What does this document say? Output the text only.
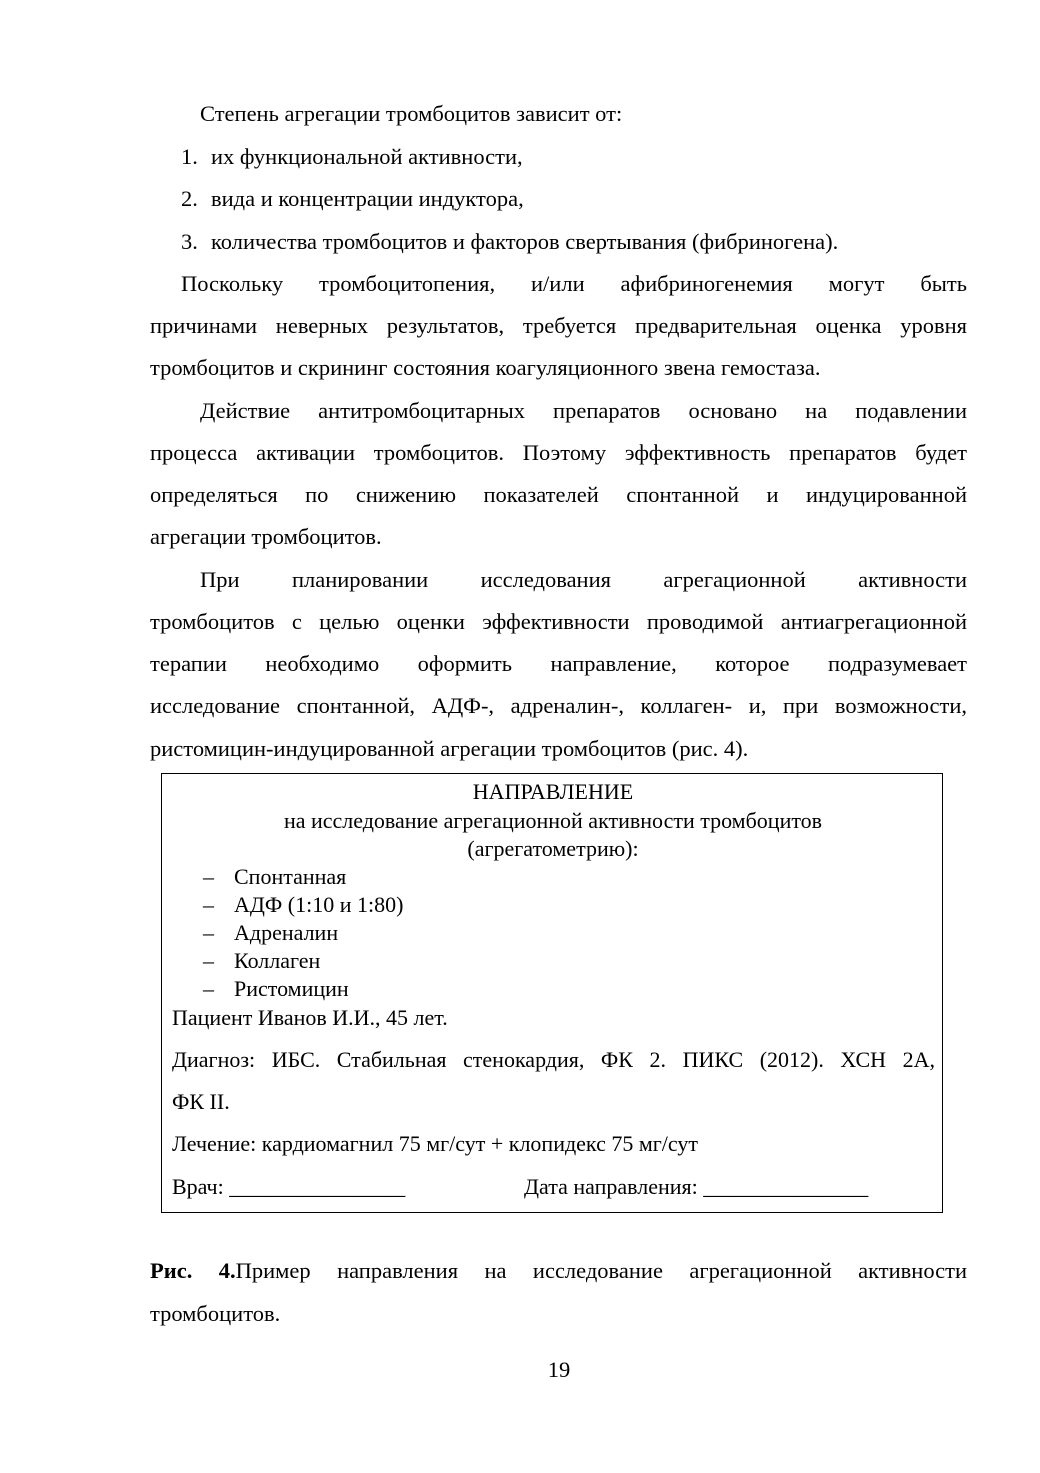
Степень агрегации тромбоцитов зависит от:
1. их функциональной активности,
2. вида и концентрации индуктора,
3. количества тромбоцитов и факторов свертывания (фибриногена).
Поскольку тромбоцитопения, и/или афибриногенемия могут быть
причинами неверных результатов, требуется предварительная оценка уровня
тромбоцитов и скрининг состояния коагуляционного звена гемостаза.
Действие антитромбоцитарных препаратов основано на подавлении
процесса активации тромбоцитов. Поэтому эффективность препаратов будет
определяться по снижению показателей спонтанной и индуцированной
агрегации тромбоцитов.
При планировании исследования агрегационной активности
тромбоцитов с целью оценки эффективности проводимой антиагрегационной
терапии необходимо оформить направление, которое подразумевает
исследование спонтанной, АДФ-, адреналин-, коллаген- и, при возможности,
ристомицин-индуцированной агрегации тромбоцитов (рис. 4).
НАПРАВЛЕНИЕ
на исследование агрегационной активности тромбоцитов
(агрегатометрию):
– Спонтанная
– АДФ (1:10 и 1:80)
– Адреналин
– Коллаген
– Ристомицин
Пациент Иванов И.И., 45 лет.
Диагноз: ИБС. Стабильная стенокардия, ФК 2. ПИКС (2012). ХСН 2А,
ФК II.
Лечение: кардиомагнил 75 мг/сут + клопидекс 75 мг/сут
Врач: ________________	Дата направления: _______________
Рис. 4.Пример направления на исследование агрегационной активности
тромбоцитов.
19
